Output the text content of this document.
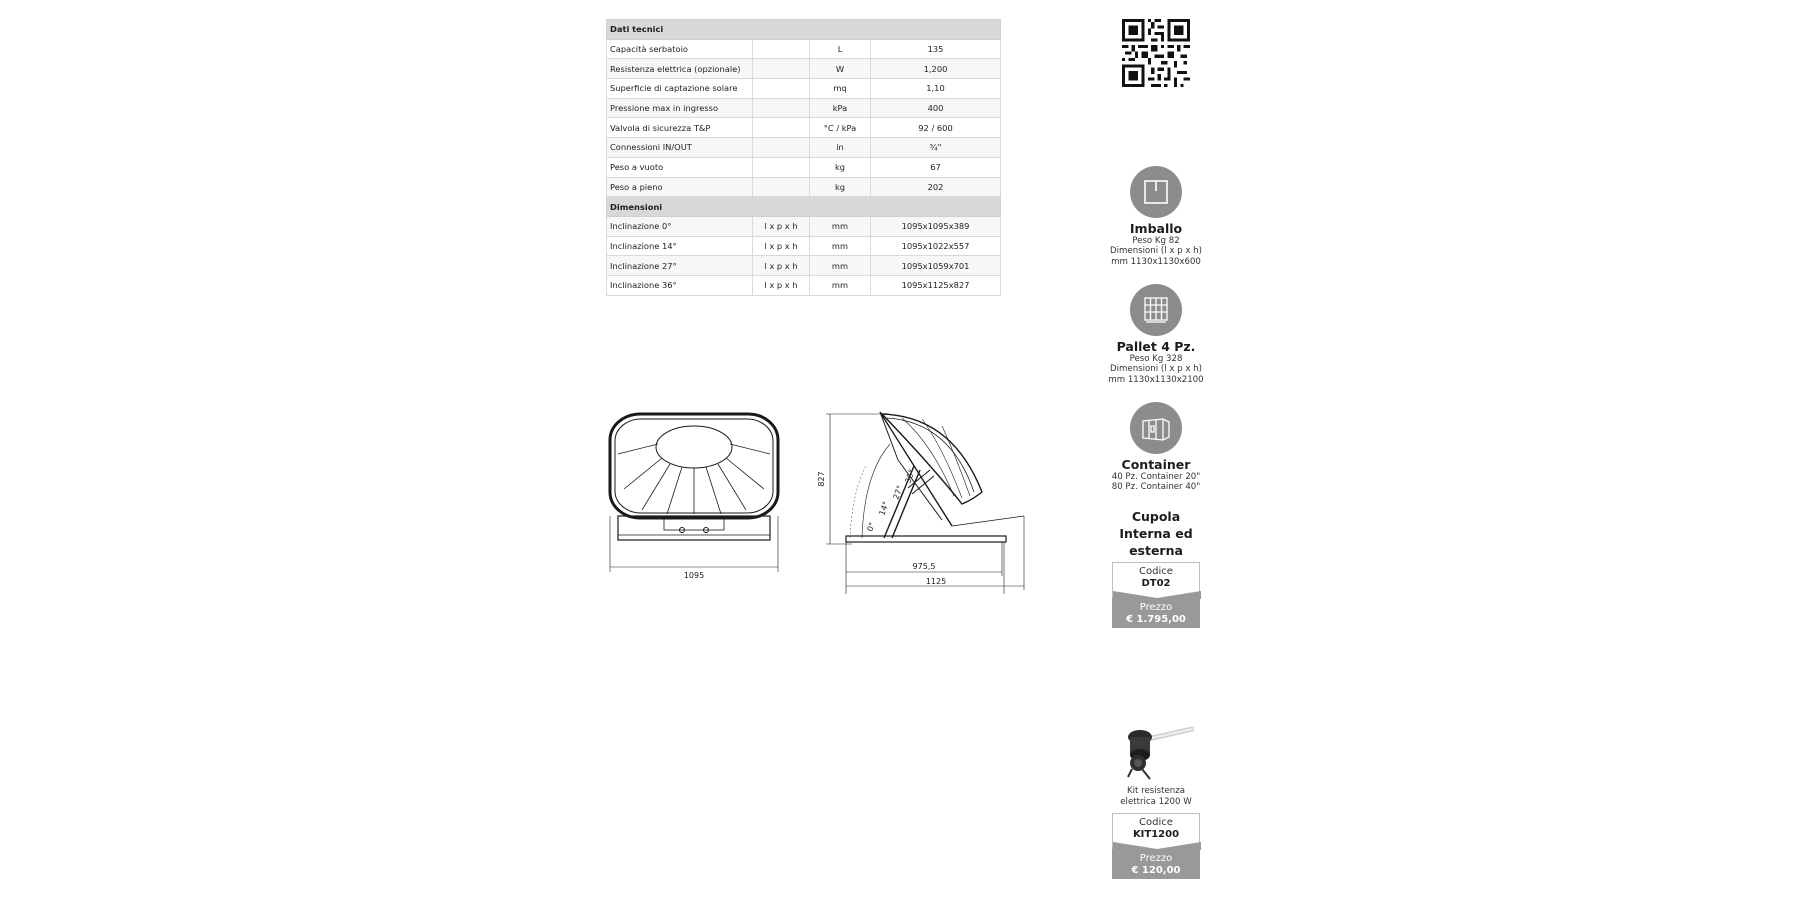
Dati tecnici			
Capacità serbatoio		L	135
Resistenza elettrica (opzionale)		W	1,200
Superficie di captazione solare		mq	1,10
Pressione max in ingresso		kPa	400
Valvola di sicurezza T&P		°C / kPa	92 / 600
Connessioni IN/OUT		in	¾"
Peso a vuoto		kg	67
Peso a pieno		kg	202
Dimensioni			
Inclinazione 0°	l x p x h	mm	1095x1095x389
Inclinazione 14°	l x p x h	mm	1095x1022x557
Inclinazione 27°	l x p x h	mm	1095x1059x701
Inclinazione 36°	l x p x h	mm	1095x1125x827
1095
827
975,5
1125
0°
14°
27°
36°
Imballo
Peso Kg 82
Dimensioni (l x p x h)
mm 1130x1130x600
Pallet 4 Pz.
Peso Kg 328
Dimensioni (l x p x h)
mm 1130x1130x2100
Container
40 Pz. Container 20"
80 Pz. Container 40"
Cupola
Interna ed
esterna
Codice
DT02
Prezzo
€ 1.795,00
Kit resistenza
elettrica 1200 W
Codice
KIT1200
Prezzo
€ 120,00
